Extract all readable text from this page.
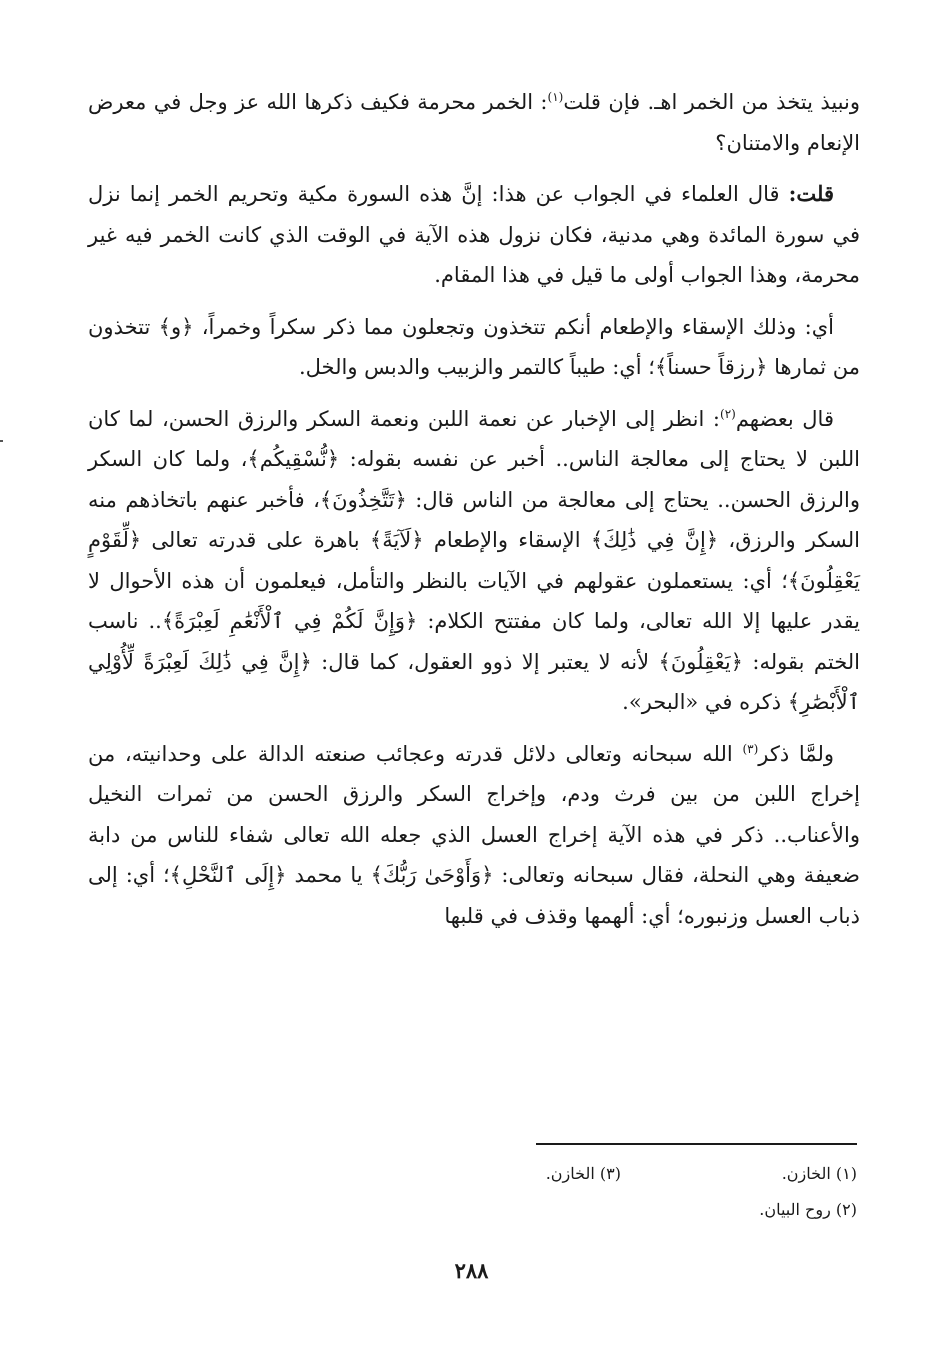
ونبيذ يتخذ من الخمر اهـ. فإن قلت$^{(١)}$: الخمر محرمة فكيف ذكرها الله عز وجل في معرض الإنعام والامتنان؟

قلت: قال العلماء في الجواب عن هذا: إنَّ هذه السورة مكية وتحريم الخمر إنما نزل في سورة المائدة وهي مدنية، فكان نزول هذه الآية في الوقت الذي كانت الخمر فيه غير محرمة، وهذا الجواب أولى ما قيل في هذا المقام.

أي: وذلك الإسقاء والإطعام أنكم تتخذون وتجعلون مما ذكر سكراً وخمراً، ﴿و﴾ تتخذون من ثمارها ﴿رزقاً حسناً﴾؛ أي: طيباً كالتمر والزبيب والدبس والخل.

قال بعضهم$^{(٢)}$: انظر إلى الإخبار عن نعمة اللبن ونعمة السكر والرزق الحسن، لما كان اللبن لا يحتاج إلى معالجة الناس.. أخبر عن نفسه بقوله: ﴿نُّسْقِيكُم﴾، ولما كان السكر والرزق الحسن.. يحتاج إلى معالجة من الناس قال: ﴿تَتَّخِذُونَ﴾، فأخبر عنهم باتخاذهم منه السكر والرزق، ﴿إِنَّ فِي ذَٰلِكَ﴾ الإسقاء والإطعام ﴿لَآيَةً﴾ باهرة على قدرته تعالى ﴿لِّقَوْمٍ يَعْقِلُونَ﴾؛ أي: يستعملون عقولهم في الآيات بالنظر والتأمل، فيعلمون أن هذه الأحوال لا يقدر عليها إلا الله تعالى، ولما كان مفتتح الكلام: ﴿وَإِنَّ لَكُمْ فِي ٱلْأَنْعَٰمِ لَعِبْرَةً﴾.. ناسب الختم بقوله: ﴿يَعْقِلُونَ﴾ لأنه لا يعتبر إلا ذوو العقول، كما قال: ﴿إِنَّ فِي ذَٰلِكَ لَعِبْرَةً لِّأُوْلِي ٱلْأَبْصَٰرِ﴾ ذكره في «البحر».

ولمَّا ذكر$^{(٣)}$ الله سبحانه وتعالى دلائل قدرته وعجائب صنعته الدالة على وحدانيته، من إخراج اللبن من بين فرث ودم، وإخراج السكر والرزق الحسن من ثمرات النخيل والأعناب.. ذكر في هذه الآية إخراج العسل الذي جعله الله تعالى شفاء للناس من دابة ضعيفة وهي النحلة، فقال سبحانه وتعالى: ﴿وَأَوْحَىٰ رَبُّكَ﴾ يا محمد ﴿إِلَى ٱلنَّحْلِ﴾؛ أي: إلى ذباب العسل وزنبوره؛ أي: ألهمها وقذف في قلبها

(١) الخازن.
(٣) الخازن.
(٢) روح البيان.
٢٨٨
